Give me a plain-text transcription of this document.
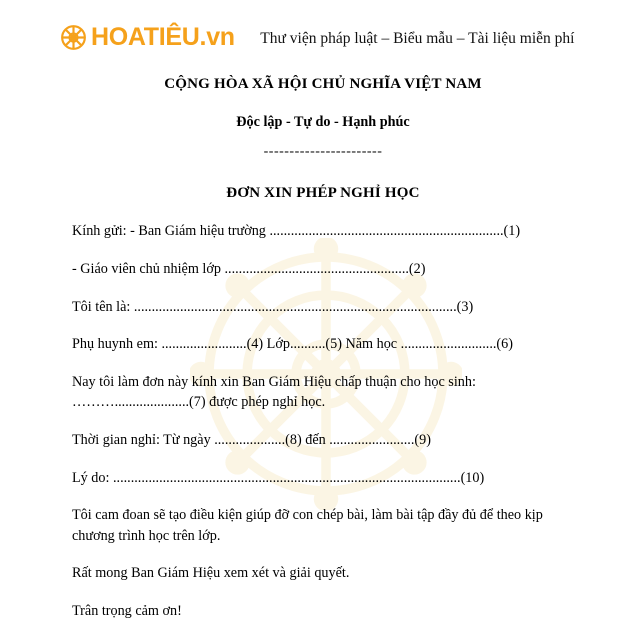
HOATIÊU.vn	Thư viện pháp luật – Biểu mẫu – Tài liệu miễn phí
CỘNG HÒA XÃ HỘI CHỦ NGHĨA VIỆT NAM
Độc lập - Tự do - Hạnh phúc
-----------------------
ĐƠN XIN PHÉP NGHỈ HỌC
Kính gửi: - Ban Giám hiệu trường ..................................................................(1)
- Giáo viên chủ nhiệm lớp ....................................................(2)
Tôi tên là: ...........................................................................................(3)
Phụ huynh em: ........................(4) Lớp..........(5) Năm học ...........................(6)
Nay tôi làm đơn này kính xin Ban Giám Hiệu chấp thuận cho học sinh: ……….....................(7) được phép nghỉ học.
Thời gian nghỉ: Từ ngày ....................(8) đến ........................(9)
Lý do: ..................................................................................................(10)
Tôi cam đoan sẽ tạo điều kiện giúp đỡ con chép bài, làm bài tập đầy đủ để theo kịp chương trình học trên lớp.
Rất mong Ban Giám Hiệu xem xét và giải quyết.
Trân trọng cảm ơn!
